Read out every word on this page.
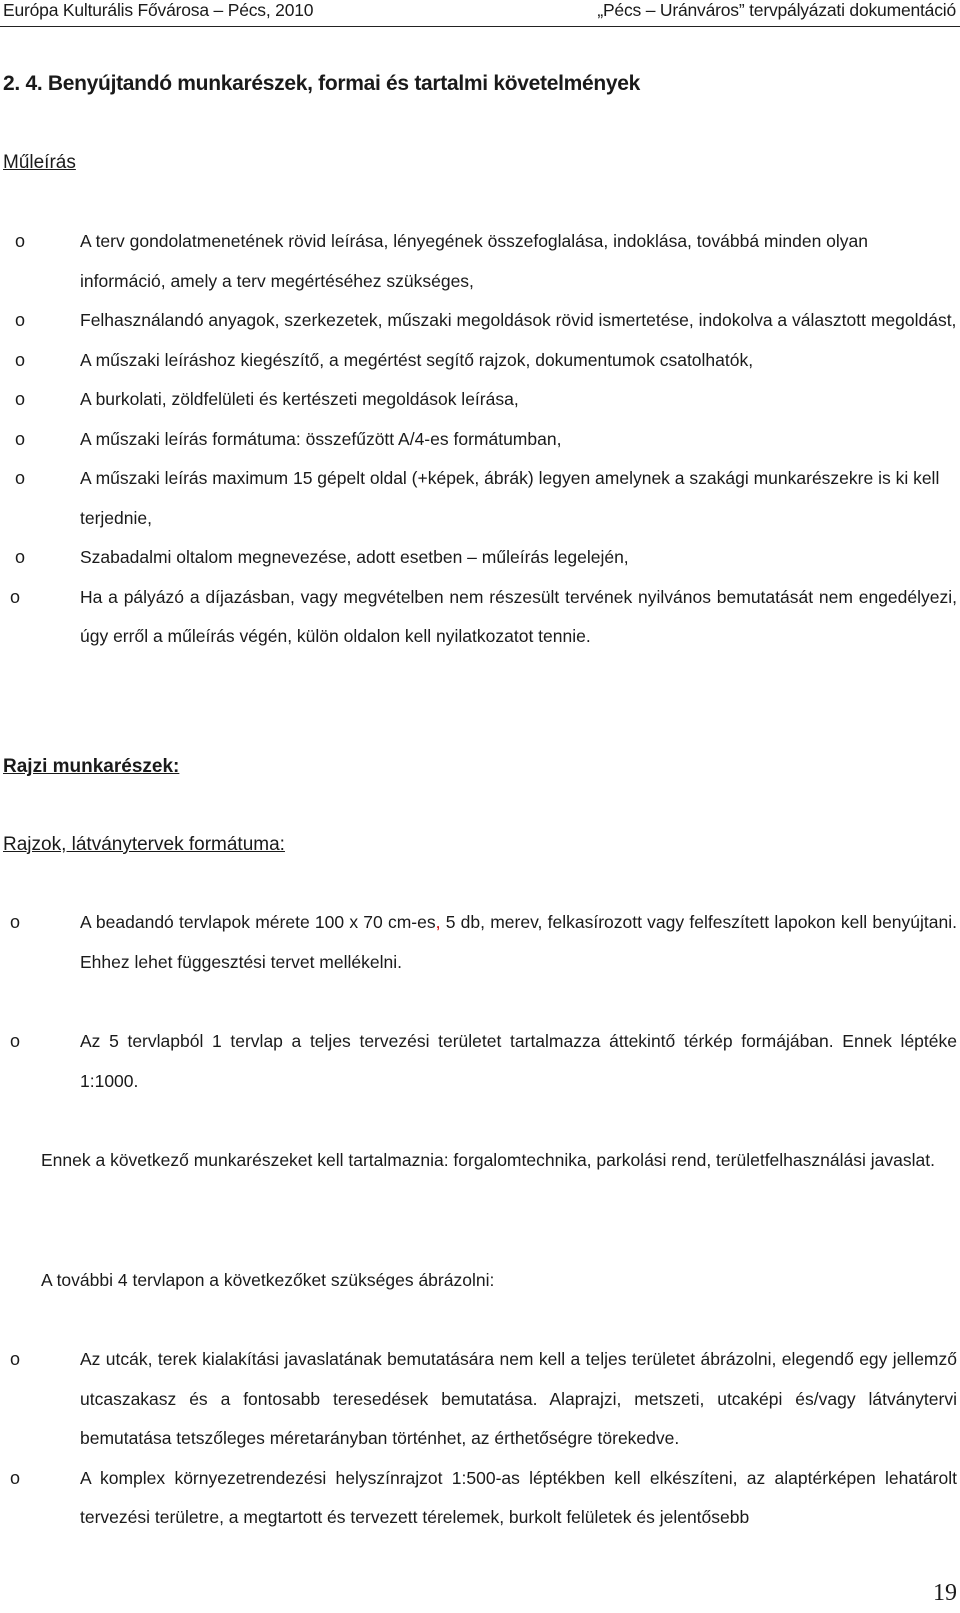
Európa Kulturális Fővárosa – Pécs, 2010	„Pécs – Uránváros” tervpályázati dokumentáció
2. 4. Benyújtandó munkarészek, formai és tartalmi követelmények
Műleírás
o	A terv gondolatmenetének rövid leírása, lényegének összefoglalása, indoklása, továbbá minden olyan információ, amely a terv megértéséhez szükséges,
o	Felhasználandó anyagok, szerkezetek, műszaki megoldások rövid ismertetése, indokolva a választott megoldást,
o	A műszaki leíráshoz kiegészítő, a megértést segítő rajzok, dokumentumok csatolhatók,
o	A burkolati, zöldfelületi és kertészeti megoldások leírása,
o	A műszaki leírás formátuma: összefűzött A/4-es formátumban,
o	A műszaki leírás maximum 15 gépelt oldal (+képek, ábrák) legyen amelynek a szakági munkarészekre is ki kell terjednie,
o	Szabadalmi oltalom megnevezése, adott esetben – műleírás legelején,
o	Ha a pályázó a díjazásban, vagy megvételben nem részesült tervének nyilvános bemutatását nem engedélyezi, úgy erről a műleírás végén, külön oldalon kell nyilatkozatot tennie.
Rajzi munkarészek:
Rajzok, látványtervek formátuma:
o	A beadandó tervlapok mérete 100 x 70 cm-es, 5 db, merev, felkasírozott vagy felfeszített lapokon kell benyújtani. Ehhez lehet függesztési tervet mellékelni.
o	Az 5 tervlapból 1 tervlap a teljes tervezési területet tartalmazza áttekintő térkép formájában. Ennek léptéke 1:1000.
Ennek a következő munkarészeket kell tartalmaznia: forgalomtechnika, parkolási rend, területfelhasználási javaslat.
A további 4 tervlapon a következőket szükséges ábrázolni:
o	Az utcák, terek kialakítási javaslatának bemutatására nem kell a teljes területet ábrázolni, elegendő egy jellemző utcaszakasz és a fontosabb teresedések bemutatása. Alaprajzi, metszeti, utcaképi és/vagy látványtervi bemutatása tetszőleges méretarányban történhet, az érthetőségre törekedve.
o	A komplex környezetrendezési helyszínrajzot 1:500-as léptékben kell elkészíteni, az alaptérképen lehatárolt tervezési területre, a megtartott és tervezett térelemek, burkolt felületek és jelentősebb
19
